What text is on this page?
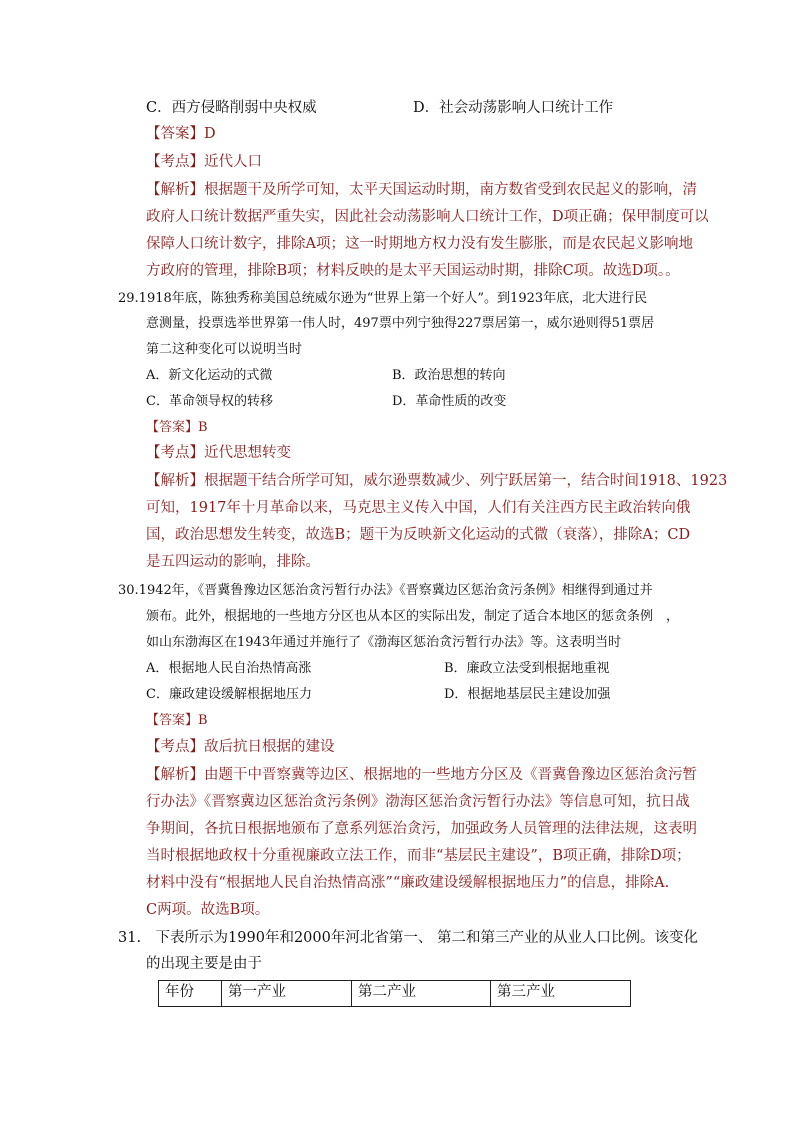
C．西方侵略削弱中央权威	D．社会动荡影响人口统计工作
【答案】D
【考点】近代人口
【解析】根据题干及所学可知，太平天国运动时期，南方数省受到农民起义的影响，清
政府人口统计数据严重失实，因此社会动荡影响人口统计工作，D项正确；保甲制度可以
保障人口统计数字，排除A项；这一时期地方权力没有发生膨胀，而是农民起义影响地
方政府的管理，排除B项；材料反映的是太平天国运动时期，排除C项。故选D项。。
29.1918年底，陈独秀称美国总统威尔逊为“世界上第一个好人”。到1923年底，北大进行民
意测量，投票选举世界第一伟人时，497票中列宁独得227票居第一，威尔逊则得51票居
第二这种变化可以说明当时
A．新文化运动的式微	B．政治思想的转向
C．革命领导权的转移	D．革命性质的改变
【答案】B
【考点】近代思想转变
【解析】根据题干结合所学可知，威尔逊票数减少、列宁跃居第一，结合时间1918、1923
可知，1917年十月革命以来，马克思主义传入中国，人们有关注西方民主政治转向俄
国，政治思想发生转变，故选B；题干为反映新文化运动的式微（衰落），排除A；CD
是五四运动的影响，排除。
30.1942年，《晋冀鲁豫边区惩治贪污暂行办法》《晋察冀边区惩治贪污条例》相继得到通过并
颁布。此外，根据地的一些地方分区也从本区的实际出发，制定了适合本地区的惩贪条例　，
如山东渤海区在1943年通过并施行了《渤海区惩治贪污暂行办法》等。这表明当时
A．根据地人民自治热情高涨	B．廉政立法受到根据地重视
C．廉政建设缓解根据地压力	D．根据地基层民主建设加强
【答案】B
【考点】敌后抗日根据的建设
【解析】由题干中晋察冀等边区、根据地的一些地方分区及《晋冀鲁豫边区惩治贪污暂
行办法》《晋察冀边区惩治贪污条例》渤海区惩治贪污暂行办法》等信息可知，抗日战
争期间，各抗日根据地颁布了意系列惩治贪污，加强政务人员管理的法律法规，这表明
当时根据地政权十分重视廉政立法工作，而非“基层民主建设”，B项正确，排除D项；
材料中没有“根据地人民自治热情高涨”“廉政建设缓解根据地压力”的信息，排除A.
C两项。故选B项。
31.　下表所示为1990年和2000年河北省第一、 第二和第三产业的从业人口比例。该变化
的出现主要是由于
年份	第一产业	第二产业	第三产业
